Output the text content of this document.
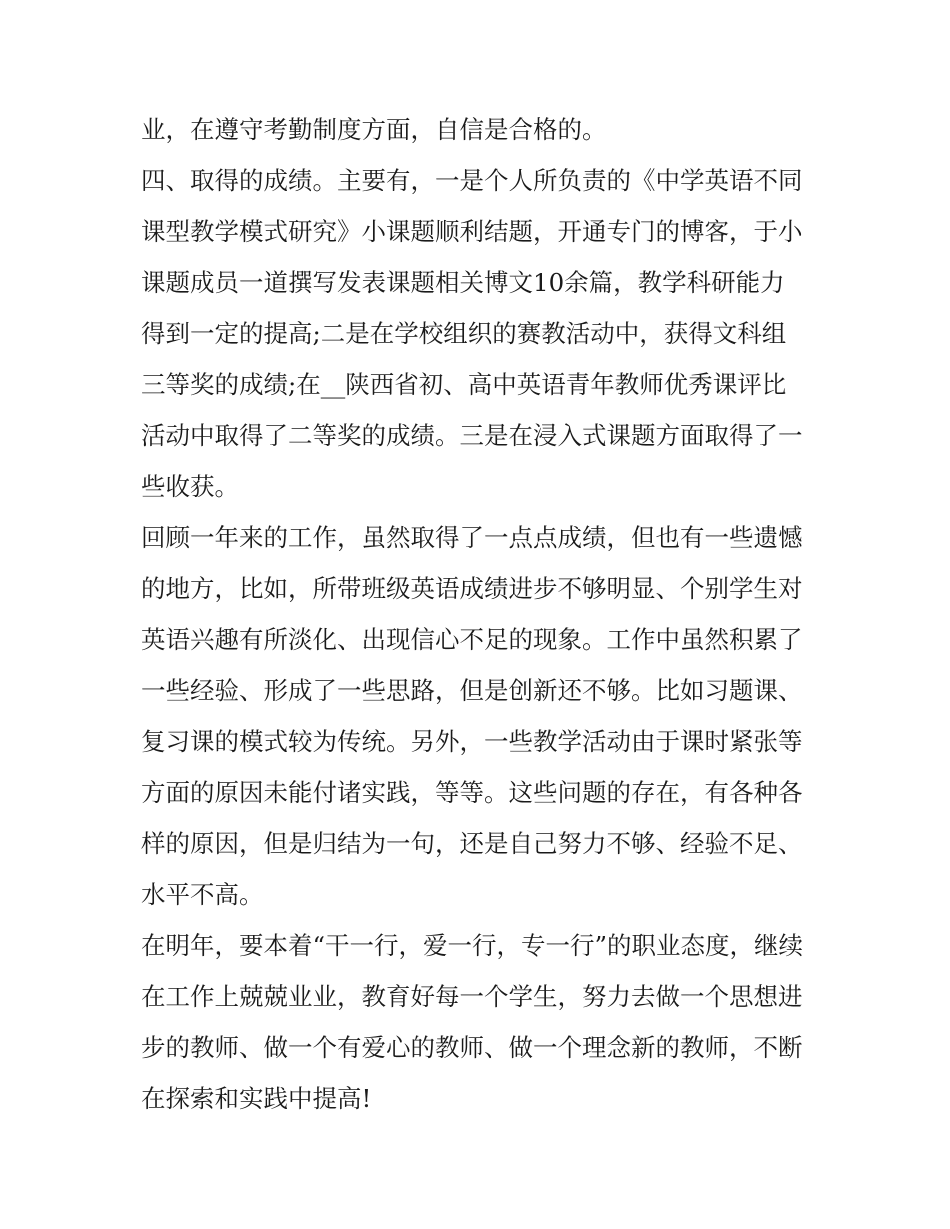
业，在遵守考勤制度方面，自信是合格的。
四、取得的成绩。主要有，一是个人所负责的《中学英语不同
课型教学模式研究》小课题顺利结题，开通专门的博客，于小
课题成员一道撰写发表课题相关博文10余篇，教学科研能力
得到一定的提高;二是在学校组织的赛教活动中，获得文科组
三等奖的成绩;在__陕西省初、高中英语青年教师优秀课评比
活动中取得了二等奖的成绩。三是在浸入式课题方面取得了一
些收获。
回顾一年来的工作，虽然取得了一点点成绩，但也有一些遗憾
的地方，比如，所带班级英语成绩进步不够明显、个别学生对
英语兴趣有所淡化、出现信心不足的现象。工作中虽然积累了
一些经验、形成了一些思路，但是创新还不够。比如习题课、
复习课的模式较为传统。另外，一些教学活动由于课时紧张等
方面的原因未能付诸实践，等等。这些问题的存在，有各种各
样的原因，但是归结为一句，还是自己努力不够、经验不足、
水平不高。
在明年，要本着“干一行，爱一行，专一行”的职业态度，继续
在工作上兢兢业业，教育好每一个学生，努力去做一个思想进
步的教师、做一个有爱心的教师、做一个理念新的教师，不断
在探索和实践中提高!
